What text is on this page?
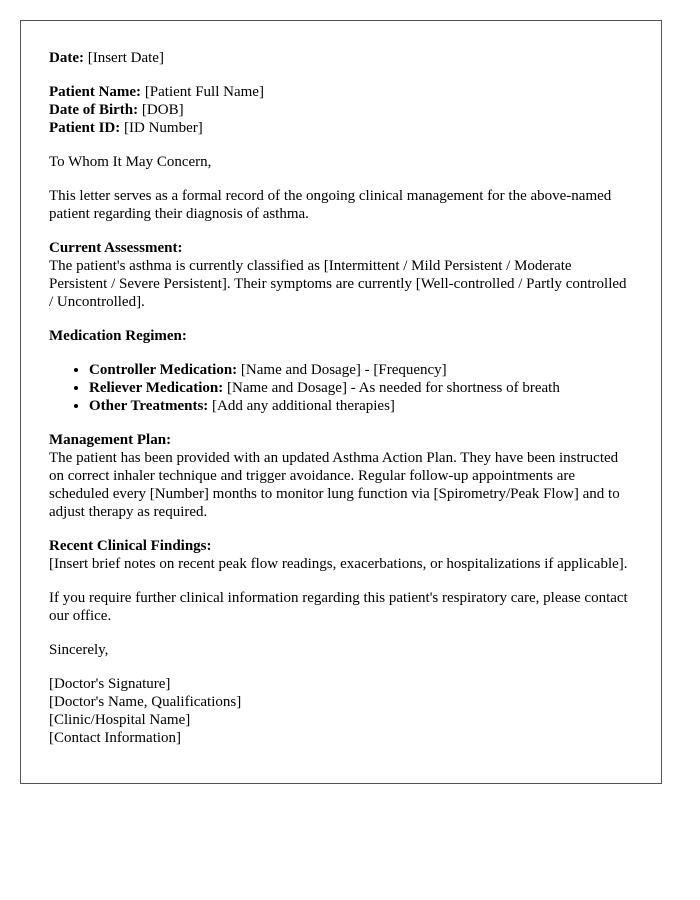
Date: [Insert Date]

Patient Name: [Patient Full Name]
Date of Birth: [DOB]
Patient ID: [ID Number]

To Whom It May Concern,

This letter serves as a formal record of the ongoing clinical management for the above-named patient regarding their diagnosis of asthma.

Current Assessment:
The patient's asthma is currently classified as [Intermittent / Mild Persistent / Moderate Persistent / Severe Persistent]. Their symptoms are currently [Well-controlled / Partly controlled / Uncontrolled].

Medication Regimen:

• Controller Medication: [Name and Dosage] - [Frequency]
• Reliever Medication: [Name and Dosage] - As needed for shortness of breath
• Other Treatments: [Add any additional therapies]

Management Plan:
The patient has been provided with an updated Asthma Action Plan. They have been instructed on correct inhaler technique and trigger avoidance. Regular follow-up appointments are scheduled every [Number] months to monitor lung function via [Spirometry/Peak Flow] and to adjust therapy as required.

Recent Clinical Findings:
[Insert brief notes on recent peak flow readings, exacerbations, or hospitalizations if applicable].

If you require further clinical information regarding this patient's respiratory care, please contact our office.

Sincerely,

[Doctor's Signature]
[Doctor's Name, Qualifications]
[Clinic/Hospital Name]
[Contact Information]
